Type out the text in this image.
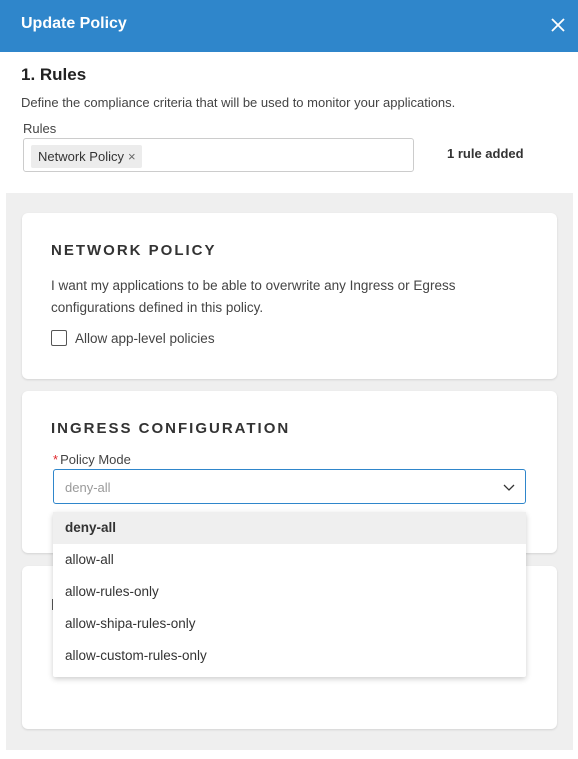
Update Policy
1. Rules
Define the compliance criteria that will be used to monitor your applications.
Rules
Network Policy ×	1 rule added
NETWORK POLICY
I want my applications to be able to overwrite any Ingress or Egress configurations defined in this policy.
Allow app-level policies
INGRESS CONFIGURATION
* Policy Mode
deny-all
deny-all
allow-all
allow-rules-only
allow-shipa-rules-only
allow-custom-rules-only
